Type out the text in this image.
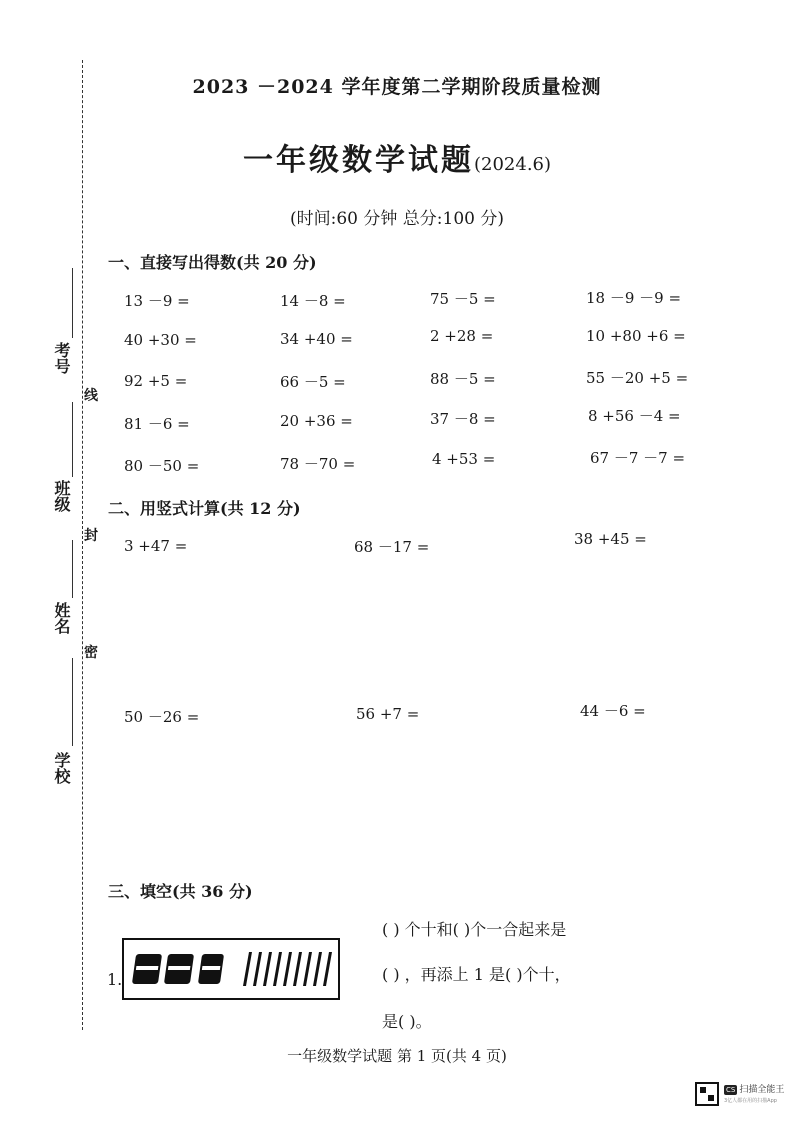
2023 －2024 学年度第二学期阶段质量检测
一年级数学试题(2024.6)
(时间:60 分钟 总分:100 分)
考号
线
班级
封
姓名
密
学校
一、直接写出得数(共 20 分)
13 －9 =	14 －8 =	75 －5 =	18 －9 －9 =
40 +30 =	34 +40 =	2 +28 =	10 +80 +6 =
92 +5 =	66 －5 =	88 －5 =	55 －20 +5 =
81 －6 =	20 +36 =	37 －8 =	8 +56 －4 =
80 －50 =	78 －70 =	4 +53 =	67 －7 －7 =
二、用竖式计算(共 12 分)
3 +47 =	68 －17 =	38 +45 =
50 －26 =	56 +7 =	44 －6 =
三、填空(共 36 分)
1.
( ) 个十和( )个一合起来是
( ) ，再添上 1 是( )个十，
是( )。
一年级数学试题 第 1 页(共 4 页)
CS 扫描全能王
3亿人都在用的扫描App
